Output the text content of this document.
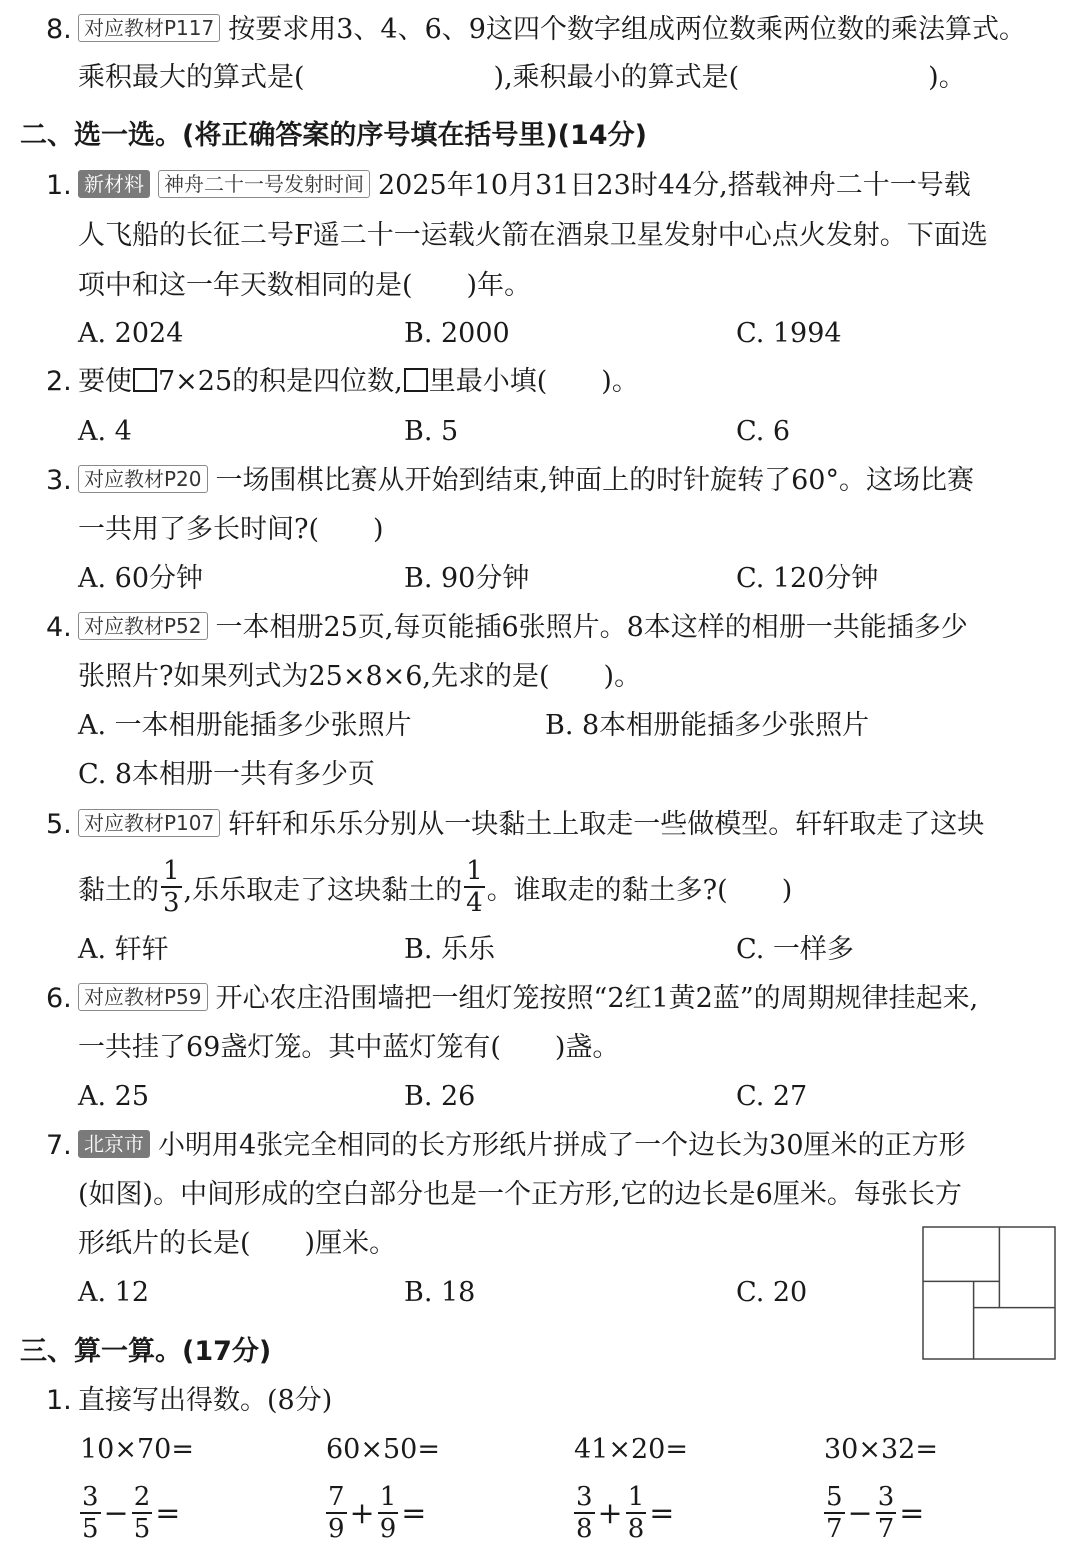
8. 对应教材P117 按要求用3、4、6、9这四个数字组成两位数乘两位数的乘法算式。
乘积最大的算式是(　　　　　　　),乘积最小的算式是(　　　　　　　)。
二、选一选。(将正确答案的序号填在括号里)(14分)
1. 新材料 神舟二十一号发射时间 2025年10月31日23时44分,搭载神舟二十一号载
人飞船的长征二号F遥二十一运载火箭在酒泉卫星发射中心点火发射。下面选
项中和这一年天数相同的是(　　)年。
A. 2024	B. 2000	C. 1994
2. 要使 7×25的积是四位数, 里最小填(　　)。
A. 4	B. 5	C. 6
3. 对应教材P20 一场围棋比赛从开始到结束,钟面上的时针旋转了60°。这场比赛
一共用了多长时间?(　　)
A. 60分钟	B. 90分钟	C. 120分钟
4. 对应教材P52 一本相册25页,每页能插6张照片。8本这样的相册一共能插多少
张照片?如果列式为25×8×6,先求的是(　　)。
A. 一本相册能插多少张照片	B. 8本相册能插多少张照片
C. 8本相册一共有多少页
5. 对应教材P107 轩轩和乐乐分别从一块黏土上取走一些做模型。轩轩取走了这块
黏土的 $\frac{1}{3}$ ,乐乐取走了这块黏土的 $\frac{1}{4}$ 。谁取走的黏土多?(　　)
A. 轩轩	B. 乐乐	C. 一样多
6. 对应教材P59 开心农庄沿围墙把一组灯笼按照“2红1黄2蓝”的周期规律挂起来,
一共挂了69盏灯笼。其中蓝灯笼有(　　)盏。
A. 25	B. 26	C. 27
7. 北京市 小明用4张完全相同的长方形纸片拼成了一个边长为30厘米的正方形
(如图)。中间形成的空白部分也是一个正方形,它的边长是6厘米。每张长方
形纸片的长是(　　)厘米。
A. 12	B. 18	C. 20
三、算一算。(17分)
1. 直接写出得数。(8分)
10×70=	60×50=	41×20=	30×32=
$\frac{3}{5} - \frac{2}{5}$ =	$\frac{7}{9} + \frac{1}{9}$ =	$\frac{3}{8} + \frac{1}{8}$ =	$\frac{5}{7} - \frac{3}{7}$ =
